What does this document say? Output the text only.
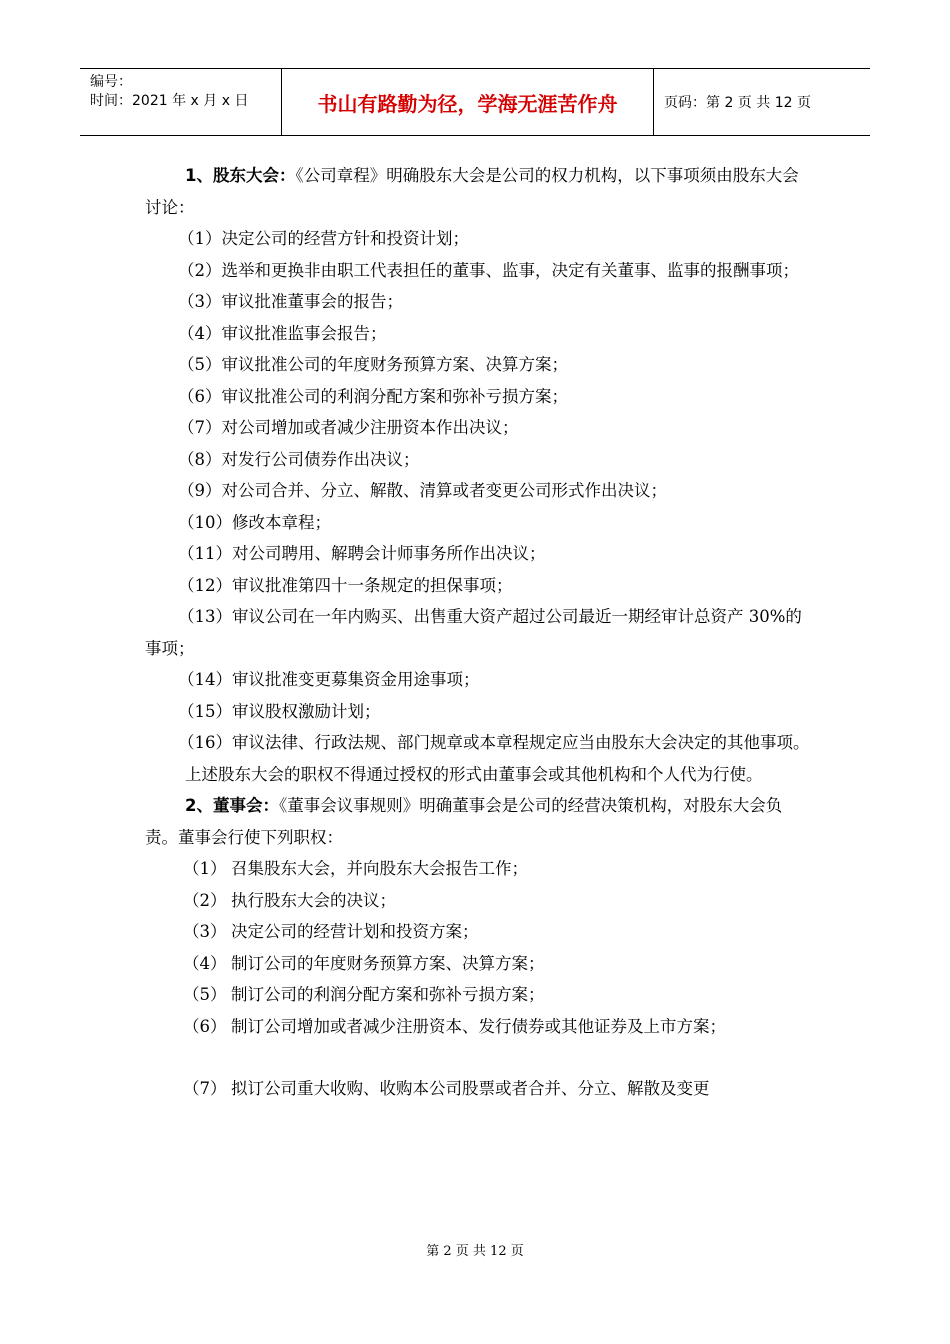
编号：
时间：2021 年 x 月 x 日	书山有路勤为径，学海无涯苦作舟	页码：第 2 页 共 12 页

1、股东大会：《公司章程》明确股东大会是公司的权力机构，以下事项须由股东大会讨论：

（1）决定公司的经营方针和投资计划；

（2）选举和更换非由职工代表担任的董事、监事，决定有关董事、监事的报酬事项；

（3）审议批准董事会的报告；

（4）审议批准监事会报告；

（5）审议批准公司的年度财务预算方案、决算方案；

（6）审议批准公司的利润分配方案和弥补亏损方案；

（7）对公司增加或者减少注册资本作出决议；

（8）对发行公司债券作出决议；

（9）对公司合并、分立、解散、清算或者变更公司形式作出决议；

（10）修改本章程；

（11）对公司聘用、解聘会计师事务所作出决议；

（12）审议批准第四十一条规定的担保事项；

（13）审议公司在一年内购买、出售重大资产超过公司最近一期经审计总资产 30%的事项；

（14）审议批准变更募集资金用途事项；

（15）审议股权激励计划；

（16）审议法律、行政法规、部门规章或本章程规定应当由股东大会决定的其他事项。

上述股东大会的职权不得通过授权的形式由董事会或其他机构和个人代为行使。

2、董事会：《董事会议事规则》明确董事会是公司的经营决策机构，对股东大会负责。董事会行使下列职权：

（1） 召集股东大会，并向股东大会报告工作；

（2） 执行股东大会的决议；

（3） 决定公司的经营计划和投资方案；

（4） 制订公司的年度财务预算方案、决算方案；

（5） 制订公司的利润分配方案和弥补亏损方案；

（6） 制订公司增加或者减少注册资本、发行债券或其他证券及上市方案；

（7） 拟订公司重大收购、收购本公司股票或者合并、分立、解散及变更

第 2 页 共 12 页
